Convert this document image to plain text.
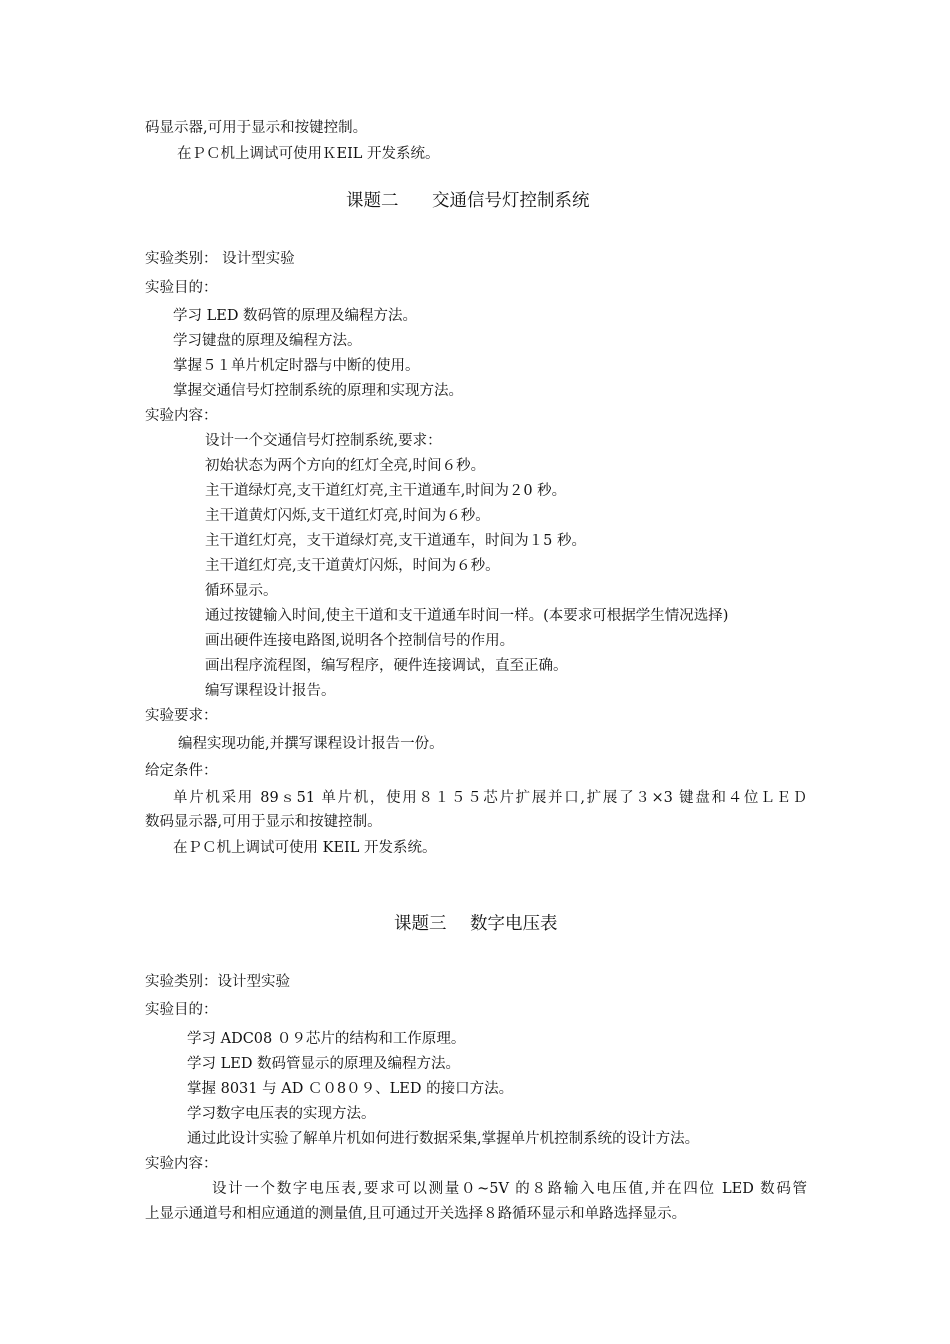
码显示器,可用于显示和按键控制。
在ＰＣ机上调试可使用ＫEIL 开发系统。
课题二 交通信号灯控制系统
实验类别： 设计型实验
实验目的：
学习 LED 数码管的原理及编程方法。
学习键盘的原理及编程方法。
掌握５１单片机定时器与中断的使用。
掌握交通信号灯控制系统的原理和实现方法。
实验内容：
设计一个交通信号灯控制系统,要求：
初始状态为两个方向的红灯全亮,时间６秒。
主干道绿灯亮,支干道红灯亮,主干道通车,时间为２0 秒。
主干道黄灯闪烁,支干道红灯亮,时间为６秒。
主干道红灯亮，支干道绿灯亮,支干道通车，时间为１5 秒。
主干道红灯亮,支干道黄灯闪烁，时间为６秒。
循环显示。
通过按键输入时间,使主干道和支干道通车时间一样。(本要求可根据学生情况选择)
画出硬件连接电路图,说明各个控制信号的作用。
画出程序流程图，编写程序，硬件连接调试，直至正确。
编写课程设计报告。
实验要求：
编程实现功能,并撰写课程设计报告一份。
给定条件：
单片机采用 89ｓ51 单片机，使用８１５５芯片扩展并口,扩展了３×3 键盘和４位ＬＥＤ
数码显示器,可用于显示和按键控制。
在ＰＣ机上调试可使用 KEIL 开发系统。
课题三 数字电压表
实验类别：设计型实验
实验目的：
学习 ADC08 ０９芯片的结构和工作原理。
学习 LED 数码管显示的原理及编程方法。
掌握 8031 与 AD Ｃ０8０９、LED 的接口方法。
学习数字电压表的实现方法。
通过此设计实验了解单片机如何进行数据采集,掌握单片机控制系统的设计方法。
实验内容：
设计一个数字电压表,要求可以测量０~5V 的８路输入电压值,并在四位 LED 数码管
上显示通道号和相应通道的测量值,且可通过开关选择８路循环显示和单路选择显示。
